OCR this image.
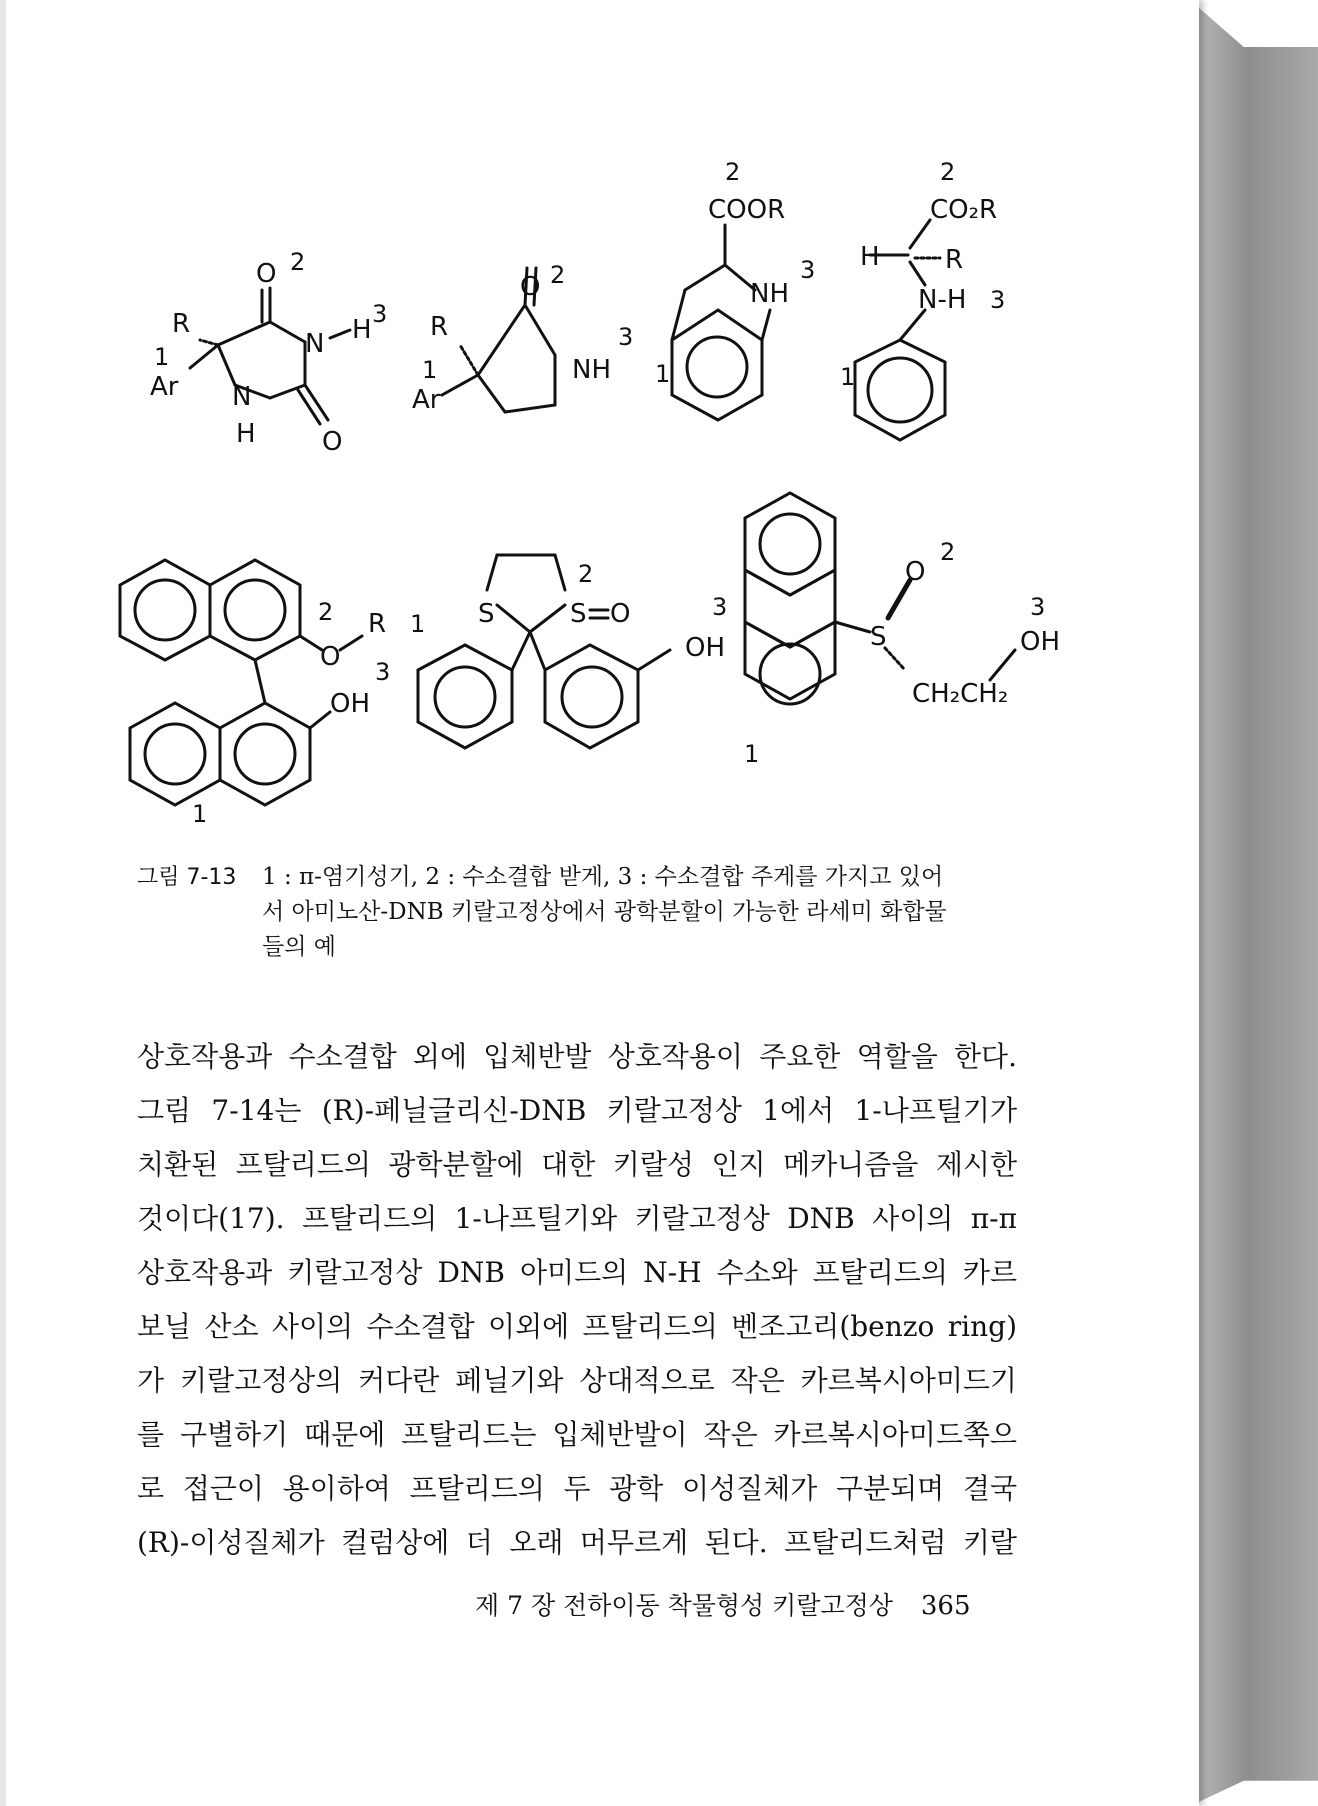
O 2
N H
3
N
H	O
R
1
Ar
O 2
NH
3
R
1
Ar
2
COOR
NH
3
1
2
CO₂R
H	R
N-H 3
1
2
O
R
3
OH
1
1 S	S O
2
3
OH
O
2
S
CH₂CH₂
3
OH
1
그림 7-13	1 : π-염기성기, 2 : 수소결합 받게, 3 : 수소결합 주게를 가지고 있어
서 아미노산-DNB 키랄고정상에서 광학분할이 가능한 라세미 화합물
들의 예
상호작용과 수소결합 외에 입체반발 상호작용이 주요한 역할을 한다.
그림 7-14는 (R)-페닐글리신-DNB 키랄고정상 1에서 1-나프틸기가
치환된 프탈리드의 광학분할에 대한 키랄성 인지 메카니즘을 제시한
것이다(17). 프탈리드의 1-나프틸기와 키랄고정상 DNB 사이의 π-π
상호작용과 키랄고정상 DNB 아미드의 N-H 수소와 프탈리드의 카르
보닐 산소 사이의 수소결합 이외에 프탈리드의 벤조고리(benzo ring)
가 키랄고정상의 커다란 페닐기와 상대적으로 작은 카르복시아미드기
를 구별하기 때문에 프탈리드는 입체반발이 작은 카르복시아미드쪽으
로 접근이 용이하여 프탈리드의 두 광학 이성질체가 구분되며 결국
(R)-이성질체가 컬럼상에 더 오래 머무르게 된다. 프탈리드처럼 키랄
제 7 장 전하이동 착물형성 키랄고정상 365
